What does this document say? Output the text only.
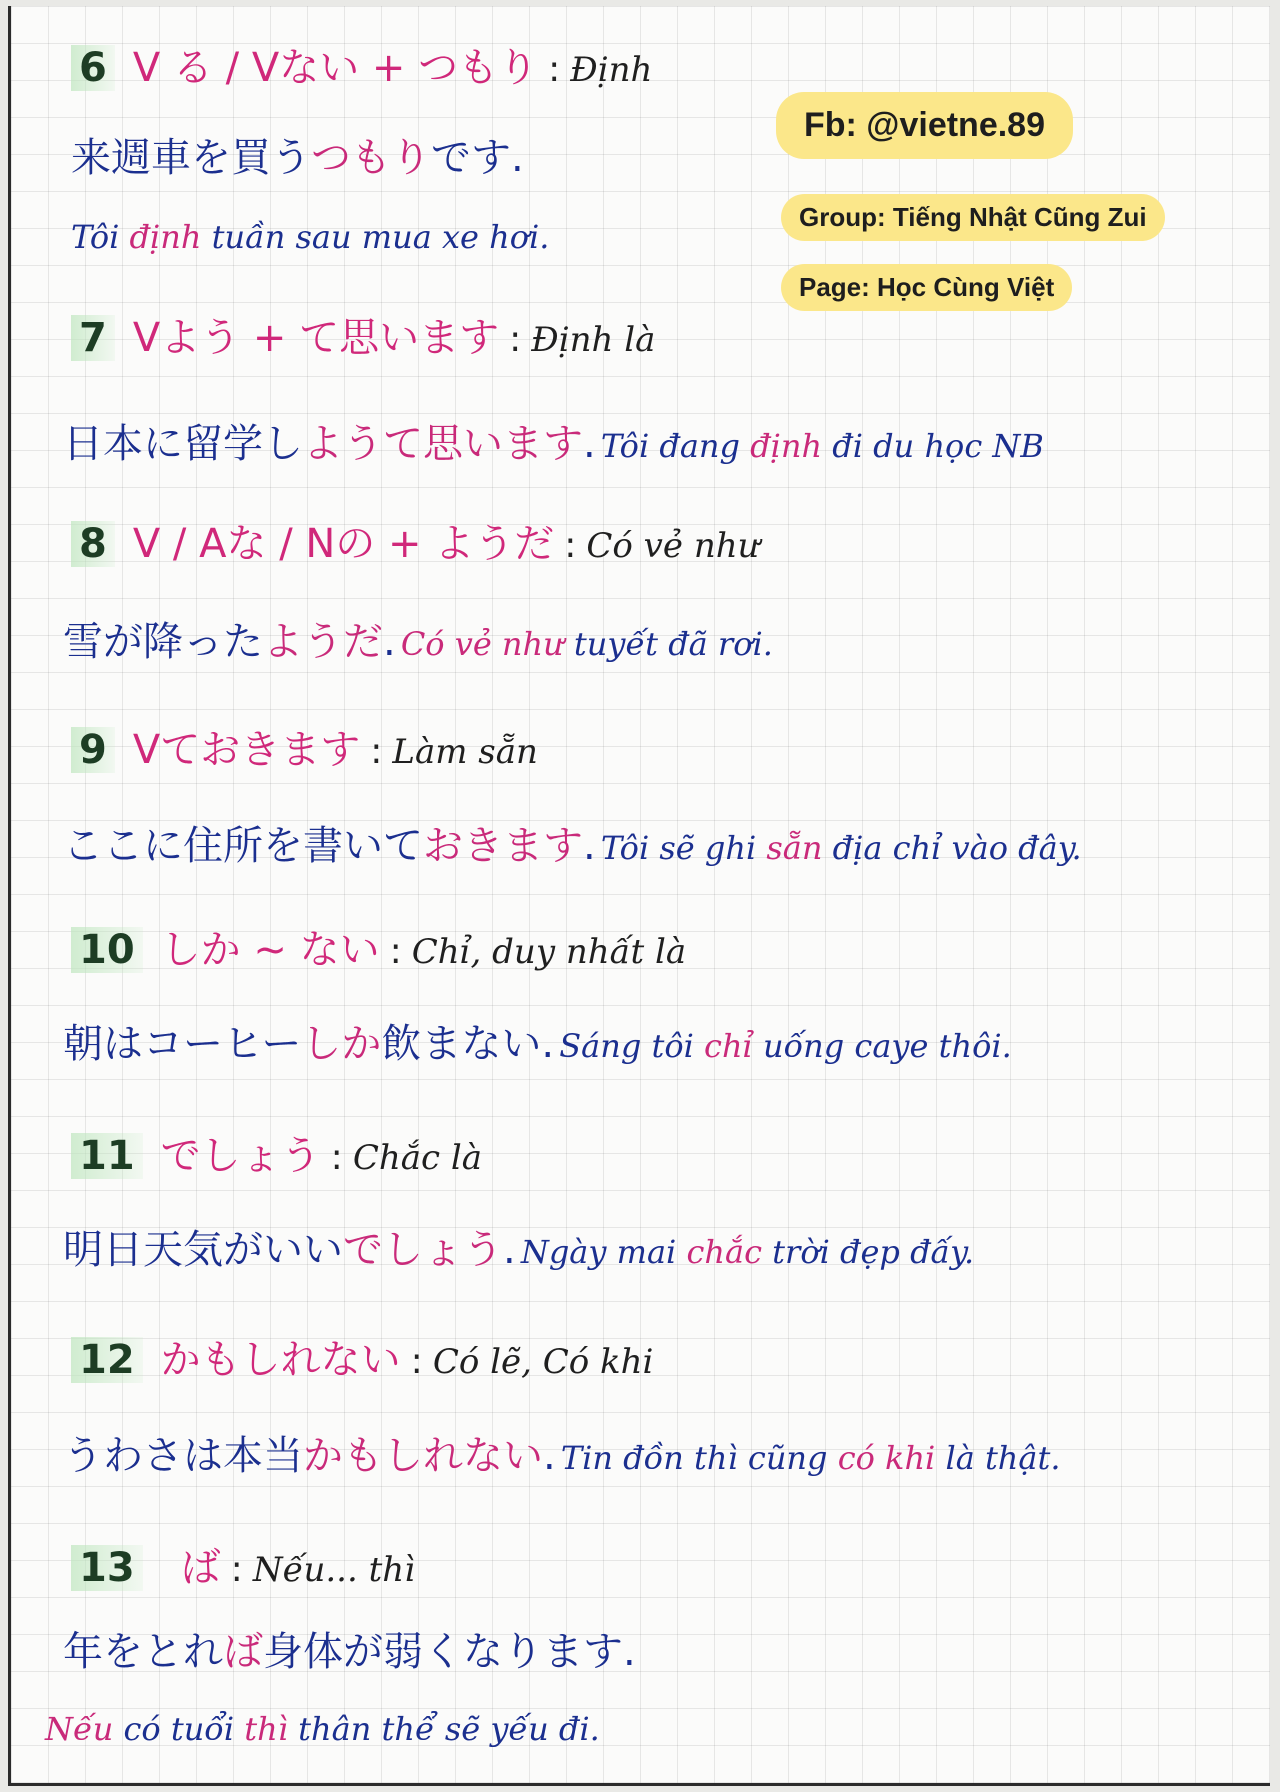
Fb: @vietne.89
Group: Tiếng Nhật Cũng Zui
Page: Học Cùng Việt
6 V る / Vない + つもり : Định
来週車を買うつもりです.
Tôi định tuần sau mua xe hơi.
7 Vよう + て思います : Định là
日本に留学しようて思います. Tôi đang định đi du học NB
8 V / Aな / Nの + ようだ : Có vẻ như
雪が降ったようだ. Có vẻ như tuyết đã rơi.
9 Vておきます : Làm sẵn
ここに住所を書いておきます. Tôi sẽ ghi sẵn địa chỉ vào đây.
10 しか ~ ない : Chỉ, duy nhất là
朝はコーヒーしか飲まない. Sáng tôi chỉ uống caye thôi.
11 でしょう : Chắc là
明日天気がいいでしょう. Ngày mai chắc trời đẹp đấy.
12 かもしれない : Có lẽ, Có khi
うわさは本当かもしれない. Tin đồn thì cũng có khi là thật.
13 ば : Nếu... thì
年をとれば身体が弱くなります.
Nếu có tuổi thì thân thể sẽ yếu đi.
